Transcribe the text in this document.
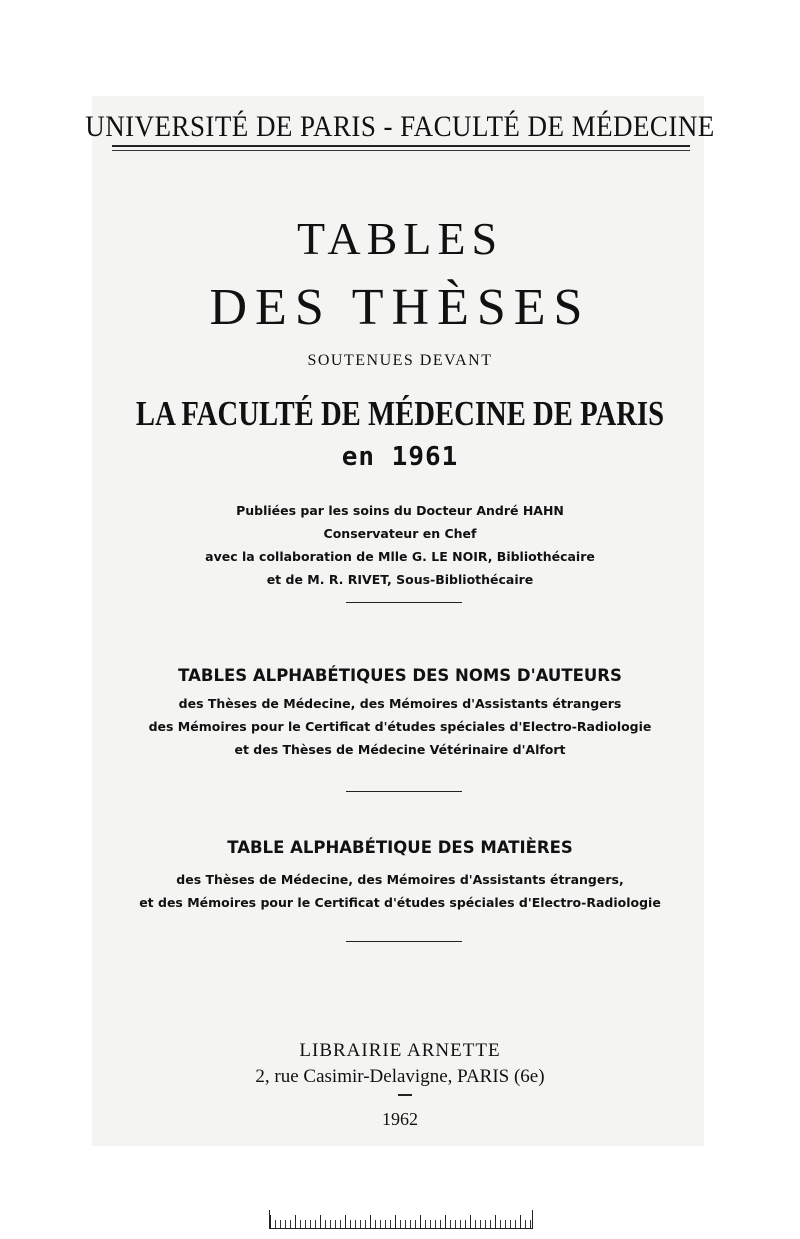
UNIVERSITÉ DE PARIS - FACULTÉ DE MÉDECINE
TABLES
DES THÈSES
SOUTENUES DEVANT
LA FACULTÉ DE MÉDECINE DE PARIS
en 1961
Publiées par les soins du Docteur André HAHN
Conservateur en Chef
avec la collaboration de Mlle G. LE NOIR, Bibliothécaire
et de M. R. RIVET, Sous-Bibliothécaire
TABLES ALPHABÉTIQUES DES NOMS D'AUTEURS
des Thèses de Médecine, des Mémoires d'Assistants étrangers
des Mémoires pour le Certificat d'études spéciales d'Electro-Radiologie
et des Thèses de Médecine Vétérinaire d'Alfort
TABLE ALPHABÉTIQUE DES MATIÈRES
des Thèses de Médecine, des Mémoires d'Assistants étrangers,
et des Mémoires pour le Certificat d'études spéciales d'Electro-Radiologie
LIBRAIRIE ARNETTE
2, rue Casimir-Delavigne, PARIS (6e)
1962
